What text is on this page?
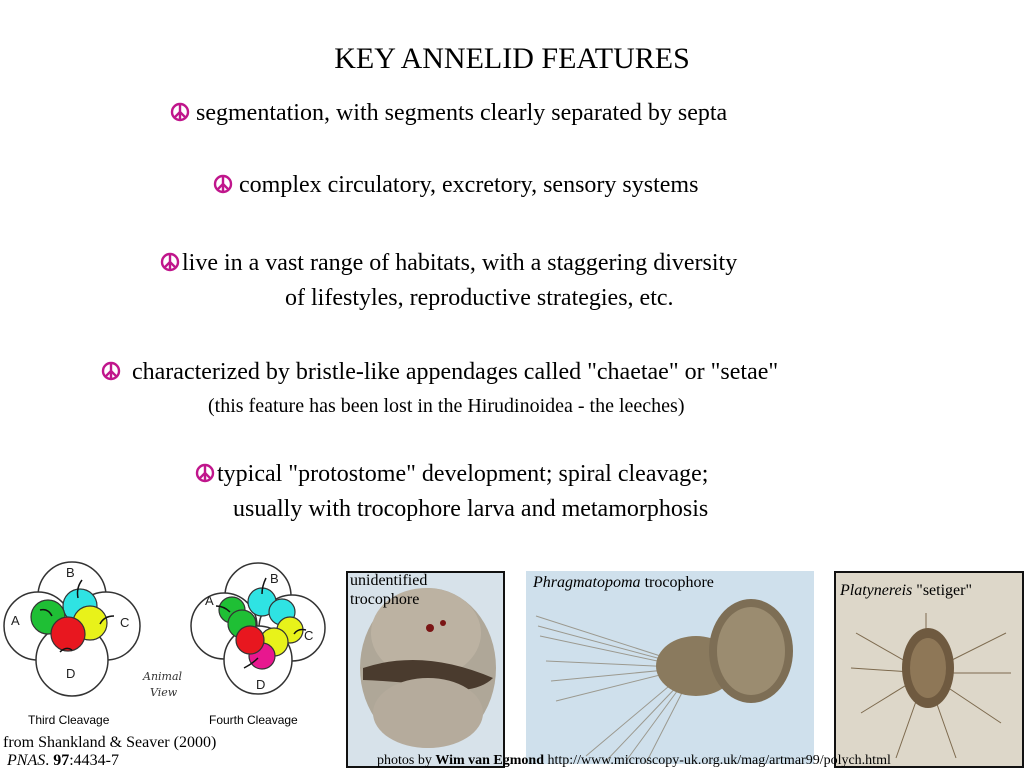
KEY ANNELID FEATURES
segmentation, with segments clearly separated by septa
complex circulatory, excretory, sensory systems
live in a vast range of habitats, with a staggering diversity
of lifestyles, reproductive strategies, etc.
characterized by bristle-like appendages called "chaetae" or "setae"
(this feature has been lost in the Hirudinoidea - the leeches)
typical "protostome" development; spiral cleavage;
usually with trocophore larva and metamorphosis
B
A	C
D
B
A
C
D
Animal
View
Third Cleavage	Fourth Cleavage
from Shankland & Seaver (2000)
PNAS. 97:4434-7
unidentified
trocophore
Phragmatopoma trocophore	Platynereis "setiger"
photos by Wim van Egmond http://www.microscopy-uk.org.uk/mag/artmar99/polych.html
